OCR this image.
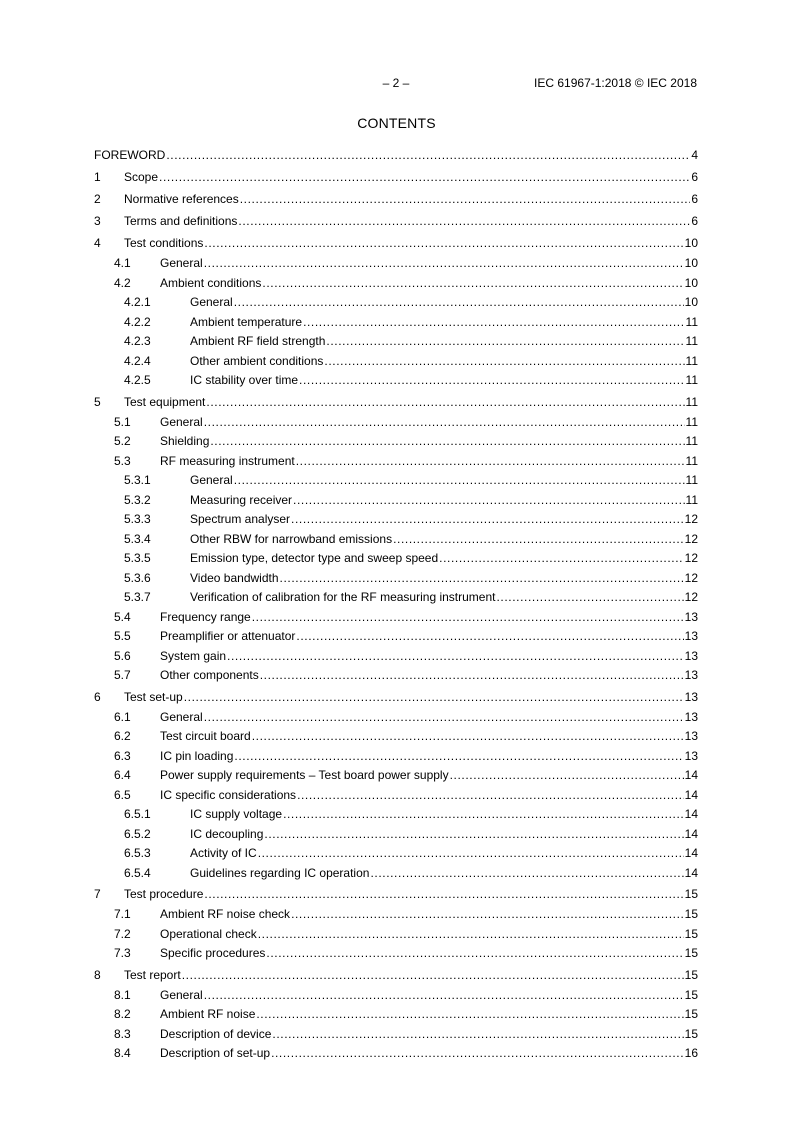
– 2 –	IEC 61967-1:2018 © IEC 2018
CONTENTS
FOREWORD .....	4
1 Scope .....	6
2 Normative references .....	6
3 Terms and definitions .....	6
4 Test conditions .....	10
4.1 General .....	10
4.2 Ambient conditions .....	10
4.2.1	General .....	10
4.2.2	Ambient temperature .....	11
4.2.3	Ambient RF field strength .....	11
4.2.4	Other ambient conditions .....	11
4.2.5	IC stability over time .....	11
5 Test equipment .....	11
5.1 General .....	11
5.2 Shielding .....	11
5.3 RF measuring instrument .....	11
5.3.1	General .....	11
5.3.2	Measuring receiver .....	11
5.3.3	Spectrum analyser .....	12
5.3.4	Other RBW for narrowband emissions .....	12
5.3.5	Emission type, detector type and sweep speed .....	12
5.3.6	Video bandwidth .....	12
5.3.7	Verification of calibration for the RF measuring instrument .....	12
5.4 Frequency range .....	13
5.5 Preamplifier or attenuator .....	13
5.6 System gain .....	13
5.7 Other components .....	13
6 Test set-up .....	13
6.1 General .....	13
6.2 Test circuit board .....	13
6.3 IC pin loading .....	13
6.4 Power supply requirements – Test board power supply .....	14
6.5 IC specific considerations .....	14
6.5.1	IC supply voltage .....	14
6.5.2	IC decoupling .....	14
6.5.3	Activity of IC .....	14
6.5.4	Guidelines regarding IC operation .....	14
7 Test procedure .....	15
7.1 Ambient RF noise check .....	15
7.2 Operational check .....	15
7.3 Specific procedures .....	15
8 Test report .....	15
8.1 General .....	15
8.2 Ambient RF noise .....	15
8.3 Description of device .....	15
8.4 Description of set-up .....	16
